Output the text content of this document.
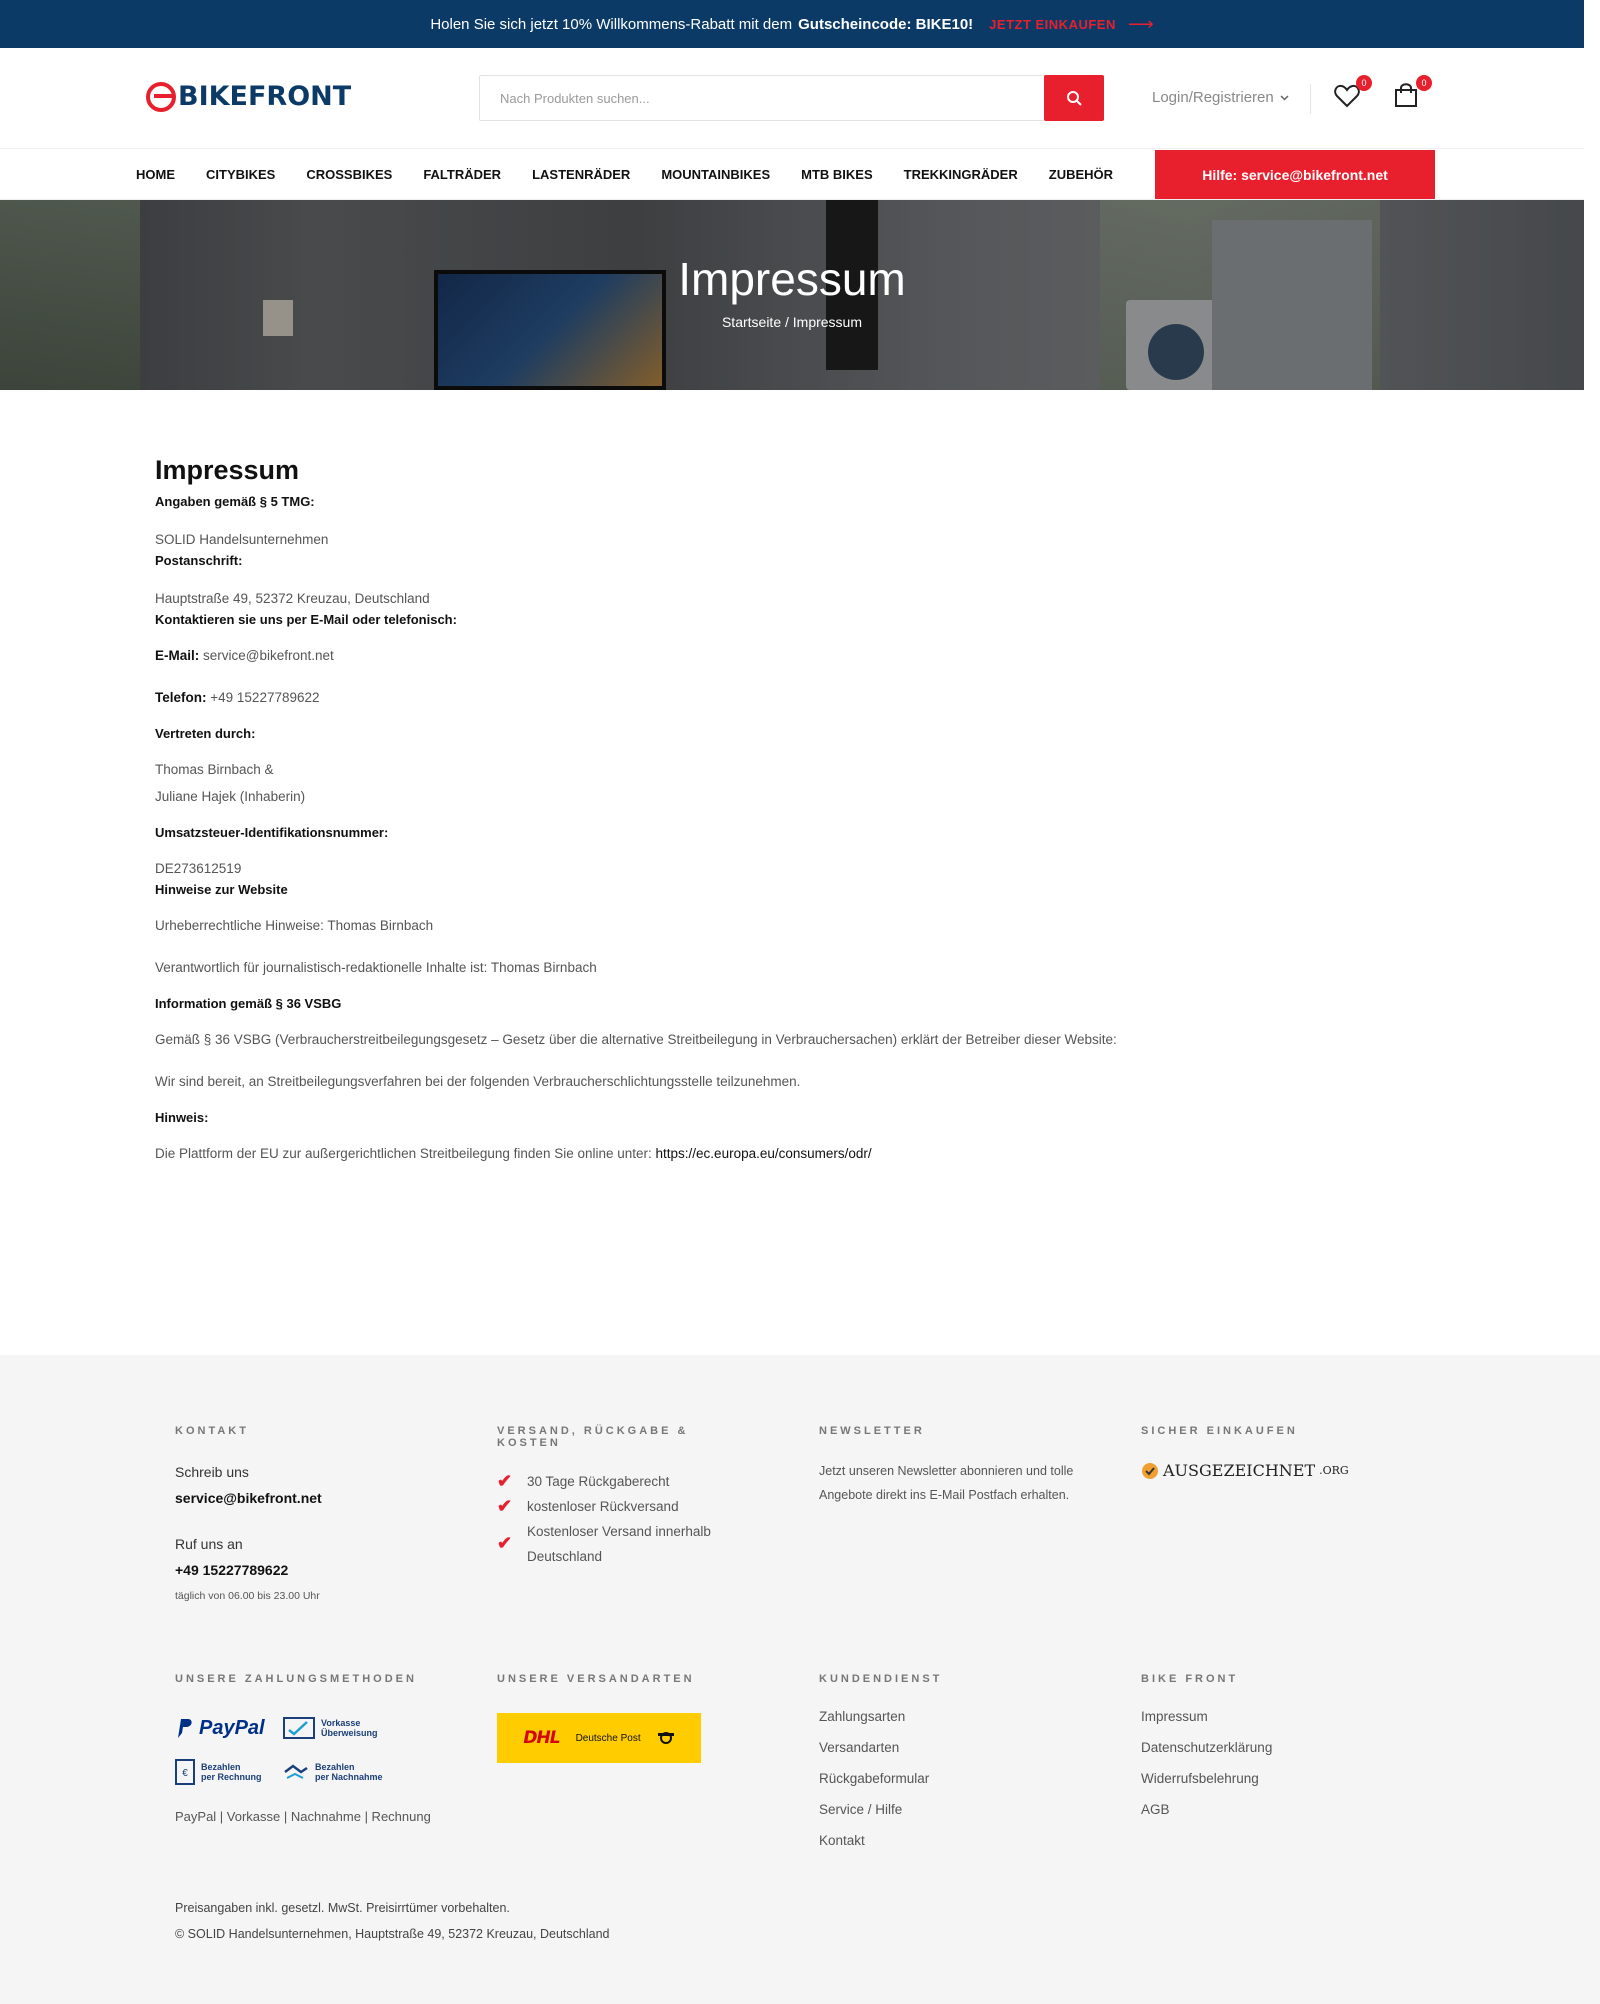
Holen Sie sich jetzt 10% Willkommens-Rabatt mit dem Gutscheincode: BIKE10! JETZT EINKAUFEN ⟶
BIKEFRONT
Nach Produkten suchen...	Login/Registrieren
0	0
HOME CITYBIKES CROSSBIKES FALTRÄDER LASTENRÄDER MOUNTAINBIKES MTB BIKES TREKKINGRÄDER ZUBEHÖR	Hilfe: service@bikefront.net
Impressum
Startseite / Impressum
Impressum
Angaben gemäß § 5 TMG:
SOLID Handelsunternehmen
Postanschrift:
Hauptstraße 49, 52372 Kreuzau, Deutschland
Kontaktieren sie uns per E-Mail oder telefonisch:
E-Mail: service@bikefront.net
Telefon: +49 15227789622
Vertreten durch:
Thomas Birnbach &
Juliane Hajek (Inhaberin)
Umsatzsteuer-Identifikationsnummer:
DE273612519
Hinweise zur Website
Urheberrechtliche Hinweise: Thomas Birnbach
Verantwortlich für journalistisch-redaktionelle Inhalte ist: Thomas Birnbach
Information gemäß § 36 VSBG
Gemäß § 36 VSBG (Verbraucherstreitbeilegungsgesetz – Gesetz über die alternative Streitbeilegung in Verbrauchersachen) erklärt der Betreiber dieser Website:
Wir sind bereit, an Streitbeilegungsverfahren bei der folgenden Verbraucherschlichtungsstelle teilzunehmen.
Hinweis:
Die Plattform der EU zur außergerichtlichen Streitbeilegung finden Sie online unter: https://ec.europa.eu/consumers/odr/
KONTAKT
Schreib uns
service@bikefront.net
Ruf uns an
+49 15227789622
täglich von 06.00 bis 23.00 Uhr
VERSAND, RÜCKGABE & KOSTEN
✔ 30 Tage Rückgaberecht
✔ kostenloser Rückversand
✔
Kostenloser Versand innerhalb Deutschland
NEWSLETTER
Jetzt unseren Newsletter abonnieren und tolle Angebote direkt ins E-Mail Postfach erhalten.
SICHER EINKAUFEN
AUSGEZEICHNET .ORG
UNSERE ZAHLUNGSMETHODEN
PayPal	Vorkasse
Überweisung
€
Bezahlen
per Rechnung
Bezahlen
per Nachnahme
PayPal | Vorkasse | Nachnahme | Rechnung
UNSERE VERSANDARTEN
DHL Deutsche Post
KUNDENDIENST
Zahlungsarten
Versandarten
Rückgabeformular
Service / Hilfe
Kontakt
BIKE FRONT
Impressum
Datenschutzerklärung
Widerrufsbelehrung
AGB
Preisangaben inkl. gesetzl. MwSt. Preisirrtümer vorbehalten.
© SOLID Handelsunternehmen, Hauptstraße 49, 52372 Kreuzau, Deutschland
